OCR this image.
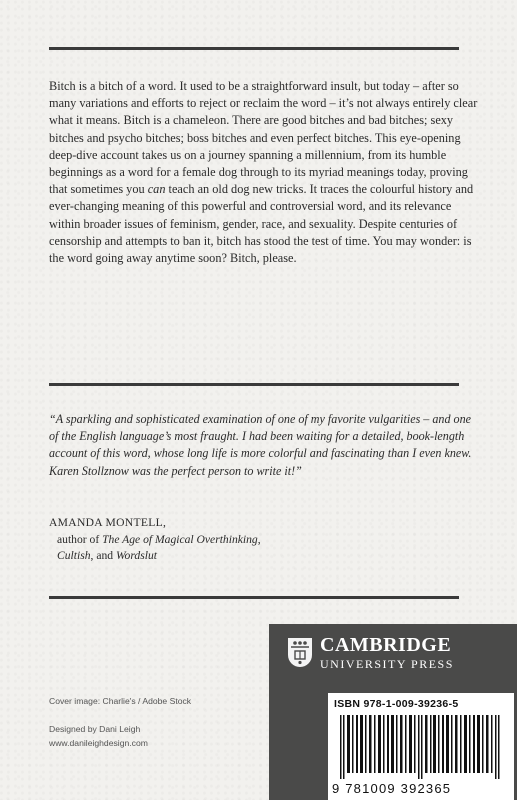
Bitch is a bitch of a word. It used to be a straightforward insult, but today – after so many variations and efforts to reject or reclaim the word – it’s not always entirely clear what it means. Bitch is a chameleon. There are good bitches and bad bitches; sexy bitches and psycho bitches; boss bitches and even perfect bitches. This eye-opening deep-dive account takes us on a journey spanning a millennium, from its humble beginnings as a word for a female dog through to its myriad meanings today, proving that sometimes you can teach an old dog new tricks. It traces the colourful history and ever-changing meaning of this powerful and controversial word, and its relevance within broader issues of feminism, gender, race, and sexuality. Despite centuries of censorship and attempts to ban it, bitch has stood the test of time. You may wonder: is the word going away anytime soon? Bitch, please.

“A sparkling and sophisticated examination of one of my favorite vulgarities – and one of the English language’s most fraught. I had been waiting for a detailed, book-length account of this word, whose long life is more colorful and fascinating than I even knew. Karen Stollznow was the perfect person to write it!”

AMANDA MONTELL,
author of The Age of Magical Overthinking,
Cultish, and Wordslut
Cover image: Charlie's / Adobe Stock
Designed by Dani Leigh
www.danileighdesign.com
CAMBRIDGE
UNIVERSITY PRESS
ISBN 978-1-009-39236-5
9 781009 392365
